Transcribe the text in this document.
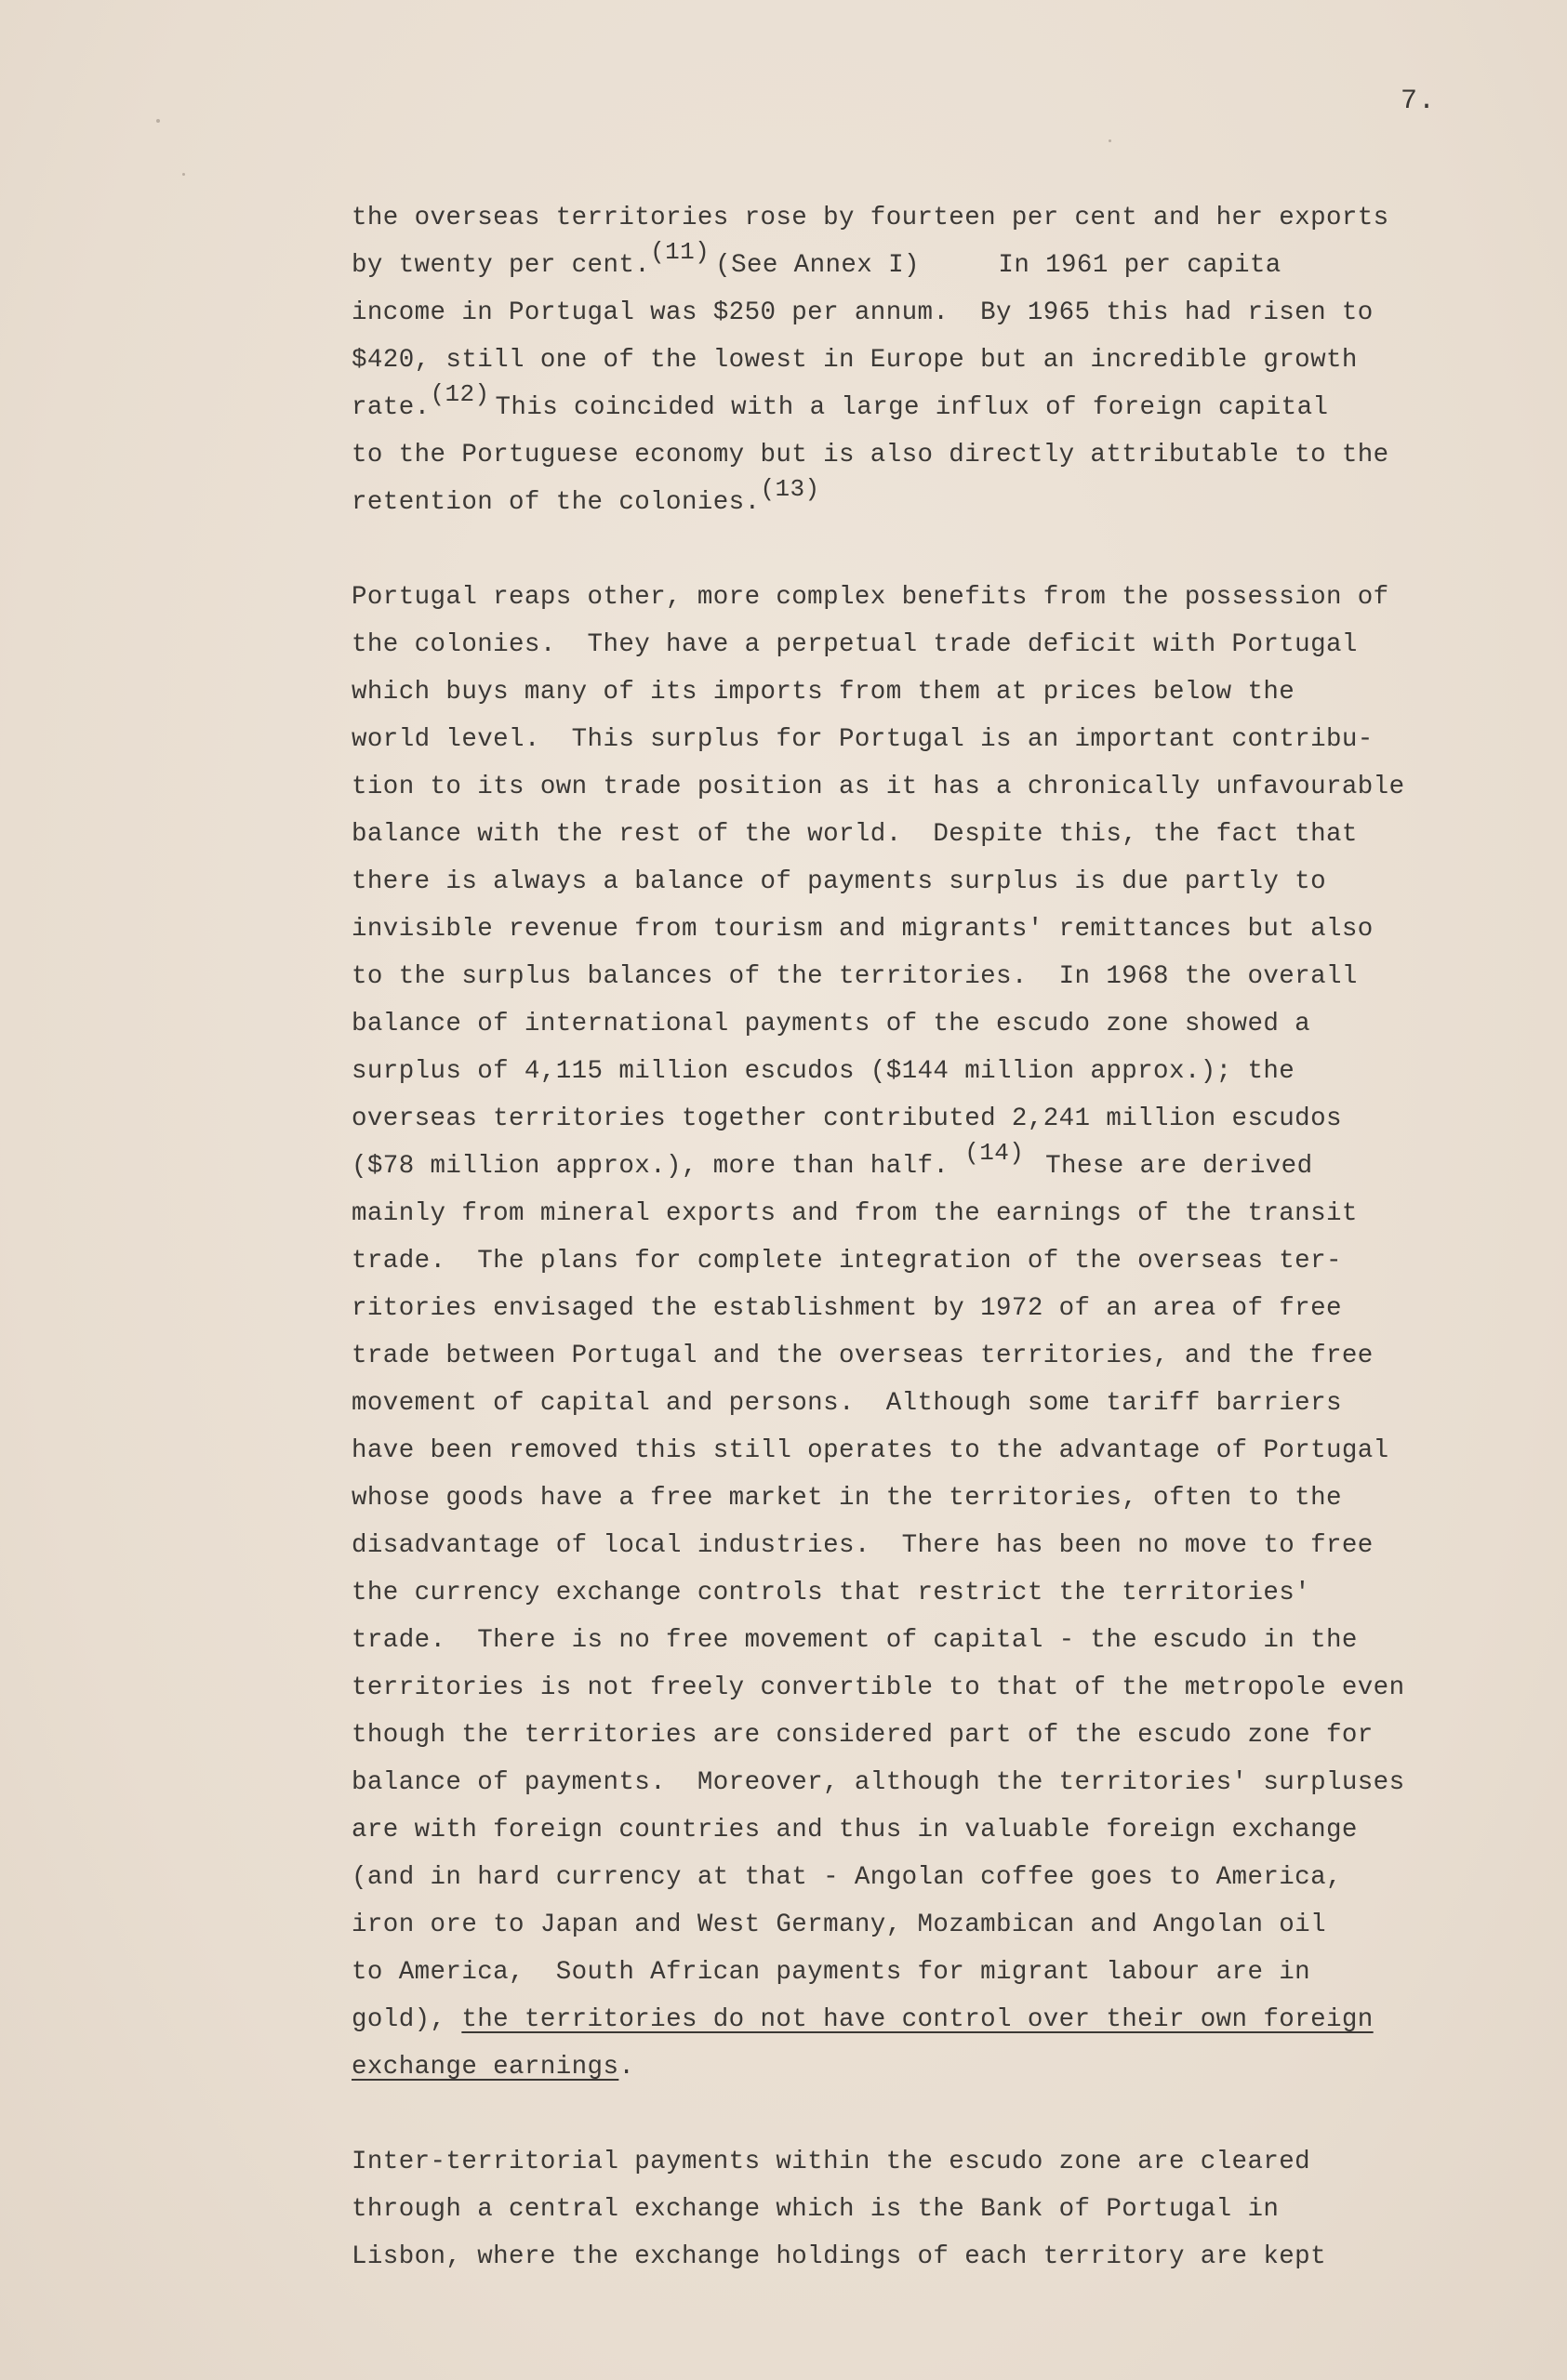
7.
the overseas territories rose by fourteen per cent and her exports
by twenty per cent.(11) (See Annex I)     In 1961 per capita
income in Portugal was $250 per annum.  By 1965 this had risen to
$420, still one of the lowest in Europe but an incredible growth
rate.(12) This coincided with a large influx of foreign capital
to the Portuguese economy but is also directly attributable to the
retention of the colonies.(13)
Portugal reaps other, more complex benefits from the possession of
the colonies.  They have a perpetual trade deficit with Portugal
which buys many of its imports from them at prices below the
world level.  This surplus for Portugal is an important contribu-
tion to its own trade position as it has a chronically unfavourable
balance with the rest of the world.  Despite this, the fact that
there is always a balance of payments surplus is due partly to
invisible revenue from tourism and migrants' remittances but also
to the surplus balances of the territories.  In 1968 the overall
balance of international payments of the escudo zone showed a
surplus of 4,115 million escudos ($144 million approx.); the
overseas territories together contributed 2,241 million escudos
($78 million approx.), more than half. (14) These are derived
mainly from mineral exports and from the earnings of the transit
trade.  The plans for complete integration of the overseas ter-
ritories envisaged the establishment by 1972 of an area of free
trade between Portugal and the overseas territories, and the free
movement of capital and persons.  Although some tariff barriers
have been removed this still operates to the advantage of Portugal
whose goods have a free market in the territories, often to the
disadvantage of local industries.  There has been no move to free
the currency exchange controls that restrict the territories'
trade.  There is no free movement of capital - the escudo in the
territories is not freely convertible to that of the metropole even
though the territories are considered part of the escudo zone for
balance of payments.  Moreover, although the territories' surpluses
are with foreign countries and thus in valuable foreign exchange
(and in hard currency at that - Angolan coffee goes to America,
iron ore to Japan and West Germany, Mozambican and Angolan oil
to America,  South African payments for migrant labour are in
gold), the territories do not have control over their own foreign
exchange earnings.
Inter-territorial payments within the escudo zone are cleared
through a central exchange which is the Bank of Portugal in
Lisbon, where the exchange holdings of each territory are kept
